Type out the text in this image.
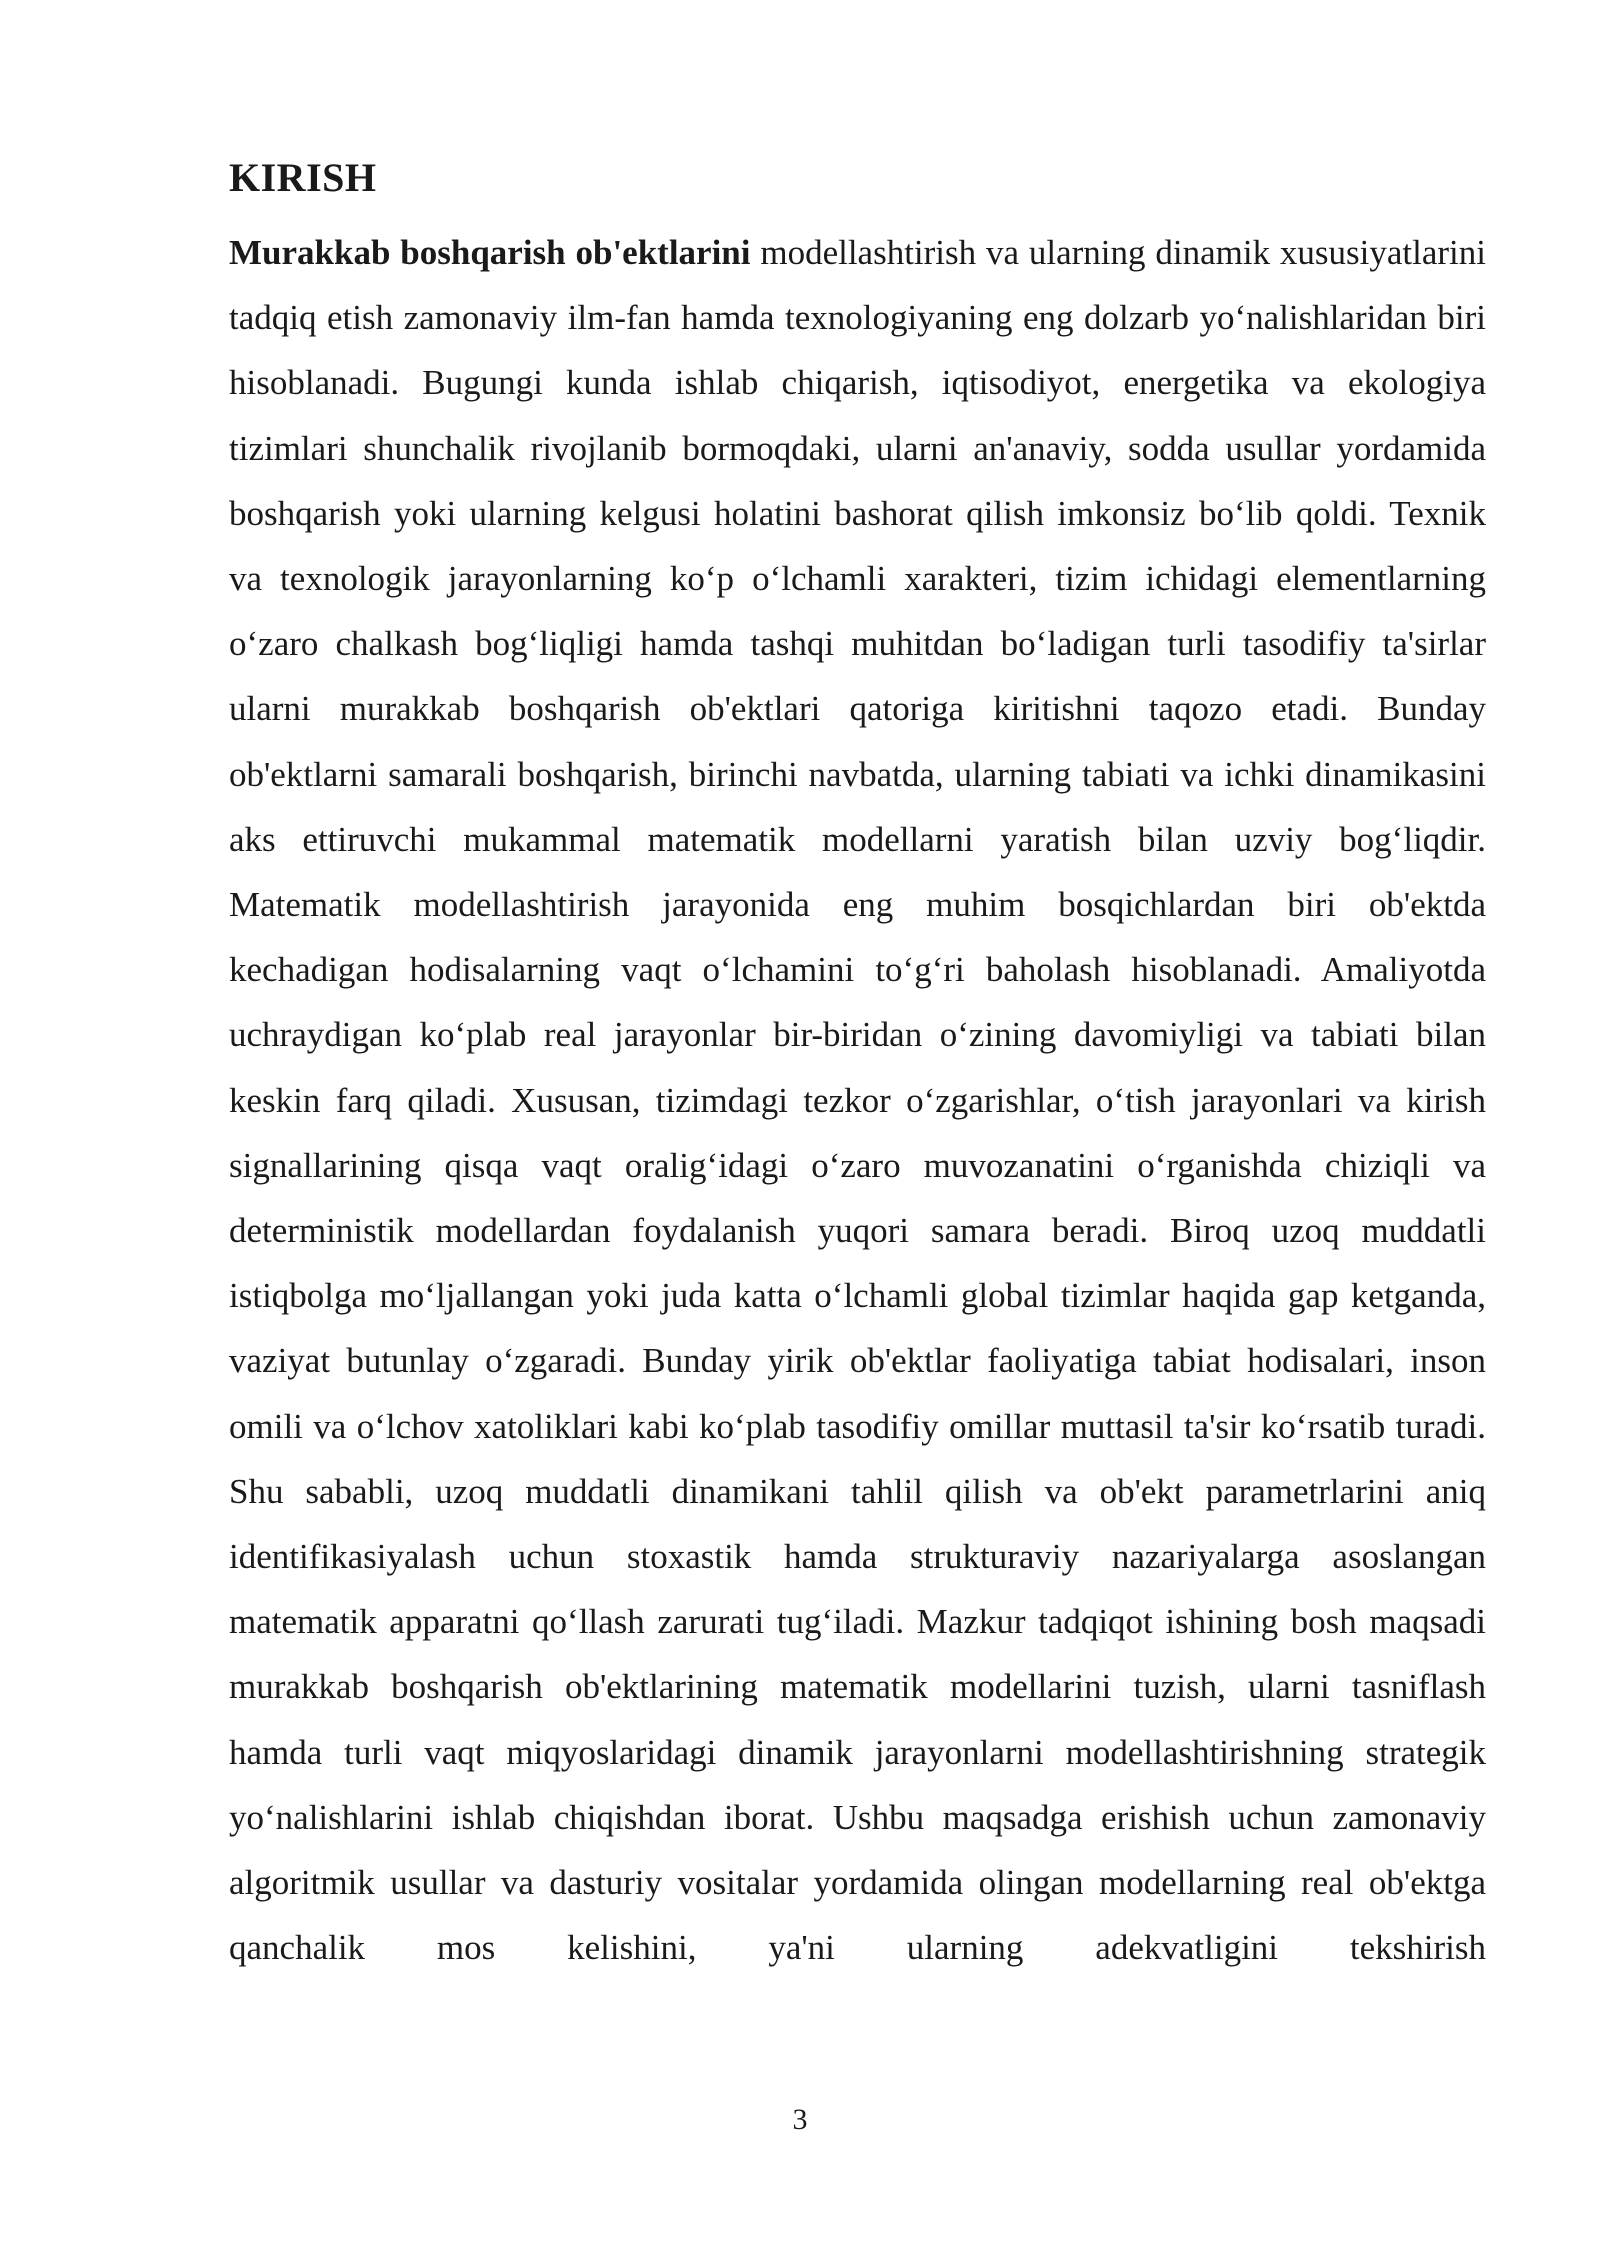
KIRISH

Murakkab boshqarish ob'ektlarini modellashtirish va ularning dinamik xususiyatlarini tadqiq etish zamonaviy ilm-fan hamda texnologiyaning eng dolzarb yo‘nalishlaridan biri hisoblanadi. Bugungi kunda ishlab chiqarish, iqtisodiyot, energetika va ekologiya tizimlari shunchalik rivojlanib bormoqdaki, ularni an'anaviy, sodda usullar yordamida boshqarish yoki ularning kelgusi holatini bashorat qilish imkonsiz bo‘lib qoldi. Texnik va texnologik jarayonlarning ko‘p o‘lchamli xarakteri, tizim ichidagi elementlarning o‘zaro chalkash bog‘liqligi hamda tashqi muhitdan bo‘ladigan turli tasodifiy ta'sirlar ularni murakkab boshqarish ob'ektlari qatoriga kiritishni taqozo etadi. Bunday ob'ektlarni samarali boshqarish, birinchi navbatda, ularning tabiati va ichki dinamikasini aks ettiruvchi mukammal matematik modellarni yaratish bilan uzviy bog‘liqdir. Matematik modellashtirish jarayonida eng muhim bosqichlardan biri ob'ektda kechadigan hodisalarning vaqt o‘lchamini to‘g‘ri baholash hisoblanadi. Amaliyotda uchraydigan ko‘plab real jarayonlar bir-biridan o‘zining davomiyligi va tabiati bilan keskin farq qiladi. Xususan, tizimdagi tezkor o‘zgarishlar, o‘tish jarayonlari va kirish signallarining qisqa vaqt oralig‘idagi o‘zaro muvozanatini o‘rganishda chiziqli va deterministik modellardan foydalanish yuqori samara beradi. Biroq uzoq muddatli istiqbolga mo‘ljallangan yoki juda katta o‘lchamli global tizimlar haqida gap ketganda, vaziyat butunlay o‘zgaradi. Bunday yirik ob'ektlar faoliyatiga tabiat hodisalari, inson omili va o‘lchov xatoliklari kabi ko‘plab tasodifiy omillar muttasil ta'sir ko‘rsatib turadi. Shu sababli, uzoq muddatli dinamikani tahlil qilish va ob'ekt parametrlarini aniq identifikasiyalash uchun stoxastik hamda strukturaviy nazariyalarga asoslangan matematik apparatni qo‘llash zarurati tug‘iladi. Mazkur tadqiqot ishining bosh maqsadi murakkab boshqarish ob'ektlarining matematik modellarini tuzish, ularni tasniflash hamda turli vaqt miqyoslaridagi dinamik jarayonlarni modellashtirishning strategik yo‘nalishlarini ishlab chiqishdan iborat. Ushbu maqsadga erishish uchun zamonaviy algoritmik usullar va dasturiy vositalar yordamida olingan modellarning real ob'ektga qanchalik mos kelishini, ya'ni ularning adekvatligini tekshirish

3
